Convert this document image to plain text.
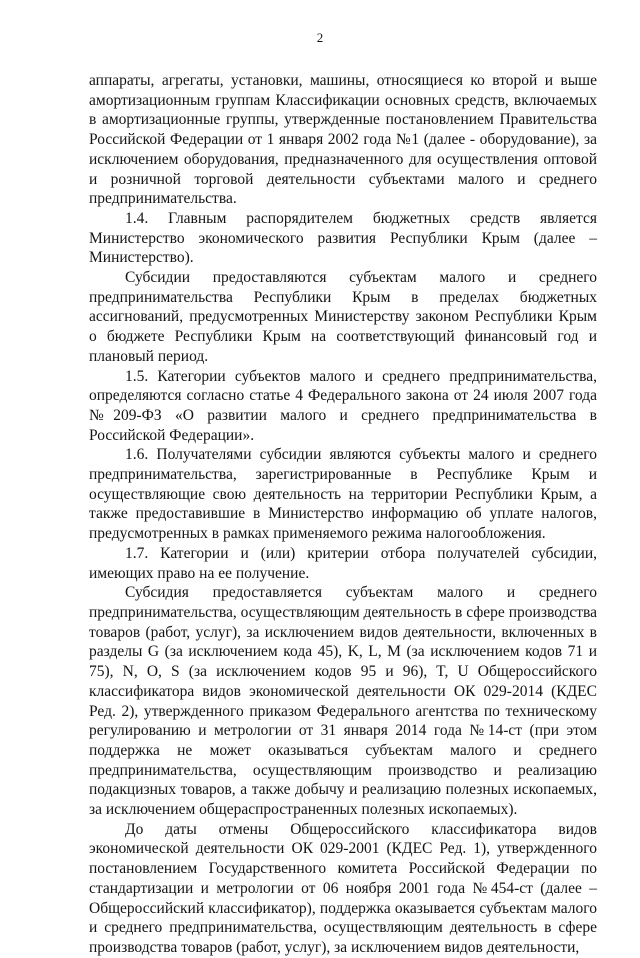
2

аппараты, агрегаты, установки, машины, относящиеся ко второй и выше амортизационным группам Классификации основных средств, включаемых в амортизационные группы, утвержденные постановлением Правительства Российской Федерации от 1 января 2002 года №1 (далее - оборудование), за исключением оборудования, предназначенного для осуществления оптовой и розничной торговой деятельности субъектами малого и среднего предпринимательства.

1.4. Главным распорядителем бюджетных средств является Министерство экономического развития Республики Крым (далее – Министерство).

Субсидии предоставляются субъектам малого и среднего предпринимательства Республики Крым в пределах бюджетных ассигнований, предусмотренных Министерству законом Республики Крым о бюджете Республики Крым на соответствующий финансовый год и плановый период.

1.5. Категории субъектов малого и среднего предпринимательства, определяются согласно статье 4 Федерального закона от 24 июля 2007 года №209-ФЗ «О развитии малого и среднего предпринимательства в Российской Федерации».

1.6. Получателями субсидии являются субъекты малого и среднего предпринимательства, зарегистрированные в Республике Крым и осуществляющие свою деятельность на территории Республики Крым, а также предоставившие в Министерство информацию об уплате налогов, предусмотренных в рамках применяемого режима налогообложения.

1.7. Категории и (или) критерии отбора получателей субсидии, имеющих право на ее получение.

Субсидия предоставляется субъектам малого и среднего предпринимательства, осуществляющим деятельность в сфере производства товаров (работ, услуг), за исключением видов деятельности, включенных в разделы G (за исключением кода 45), K, L, M (за исключением кодов 71 и 75), N, O, S (за исключением кодов 95 и 96), T, U Общероссийского классификатора видов экономической деятельности ОК 029-2014 (КДЕС Ред. 2), утвержденного приказом Федерального агентства по техническому регулированию и метрологии от 31 января 2014 года №14-ст (при этом поддержка не может оказываться субъектам малого и среднего предпринимательства, осуществляющим производство и реализацию подакцизных товаров, а также добычу и реализацию полезных ископаемых, за исключением общераспространенных полезных ископаемых).

До даты отмены Общероссийского классификатора видов экономической деятельности ОК 029-2001 (КДЕС Ред. 1), утвержденного постановлением Государственного комитета Российской Федерации по стандартизации и метрологии от 06 ноября 2001 года №454-ст (далее – Общероссийский классификатор), поддержка оказывается субъектам малого и среднего предпринимательства, осуществляющим деятельность в сфере производства товаров (работ, услуг), за исключением видов деятельности,
